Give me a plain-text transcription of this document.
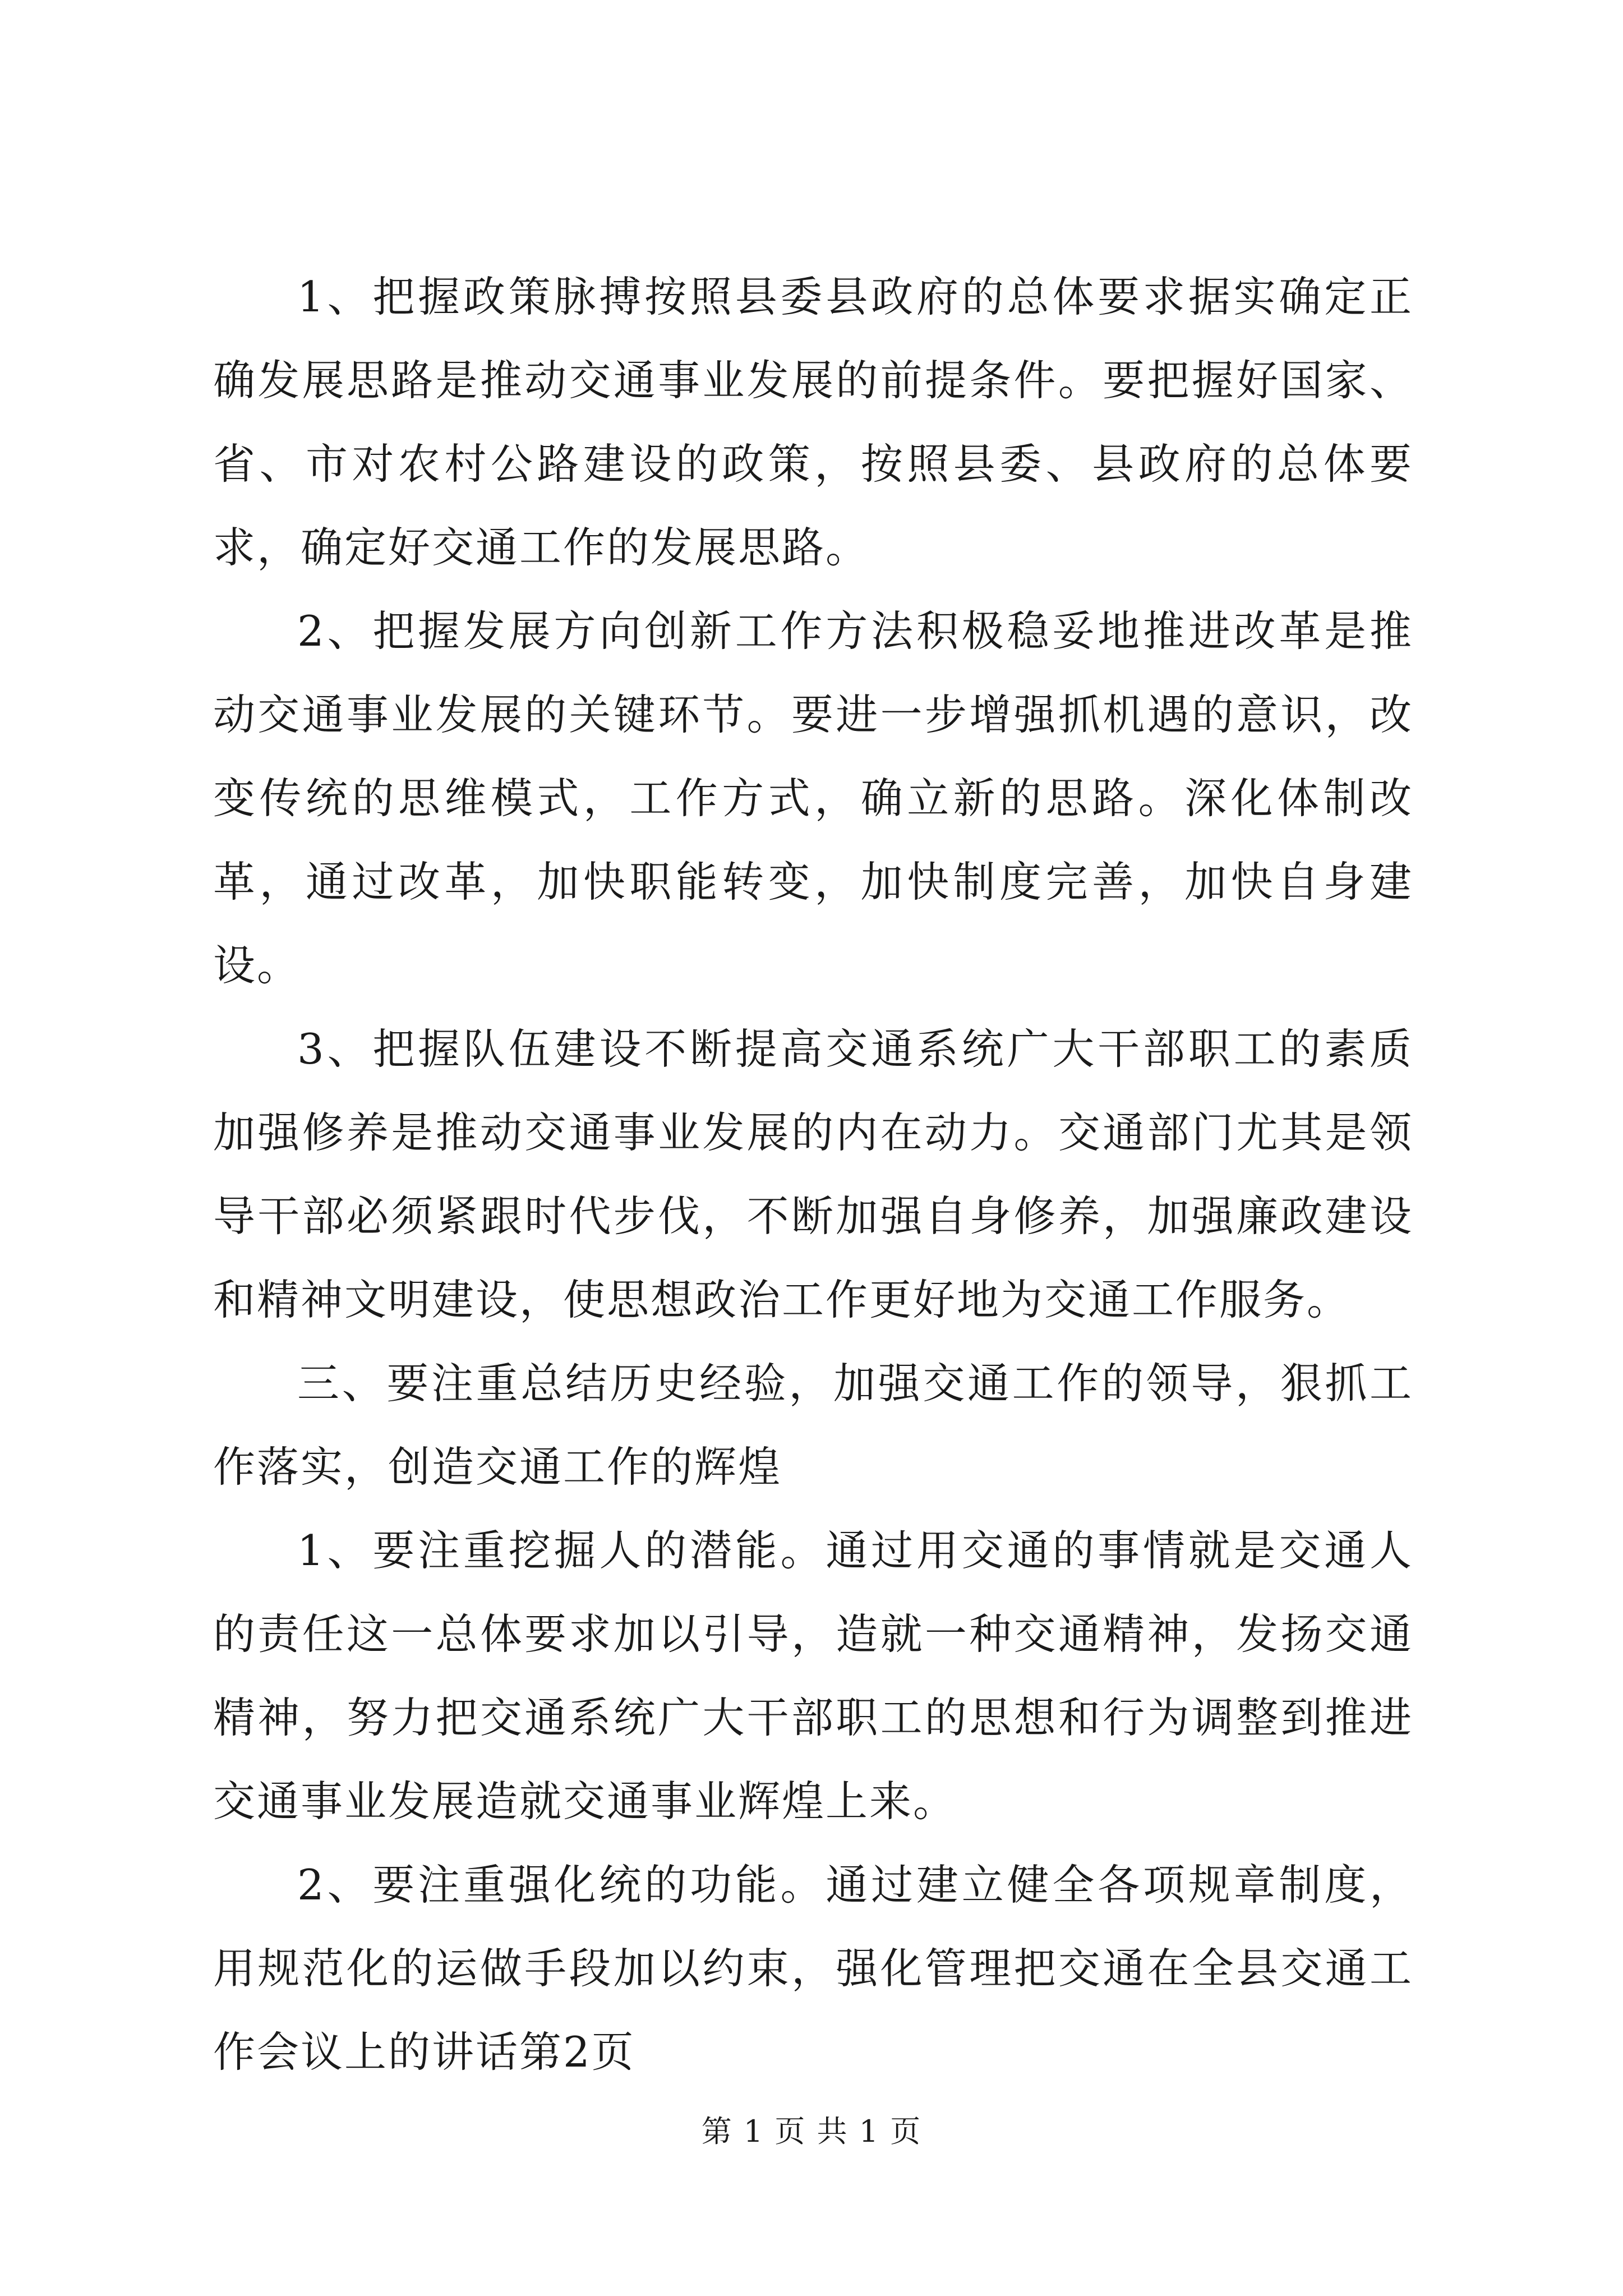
1、把握政策脉搏按照县委县政府的总体要求据实确定正确发展思路是推动交通事业发展的前提条件。要把握好国家、省、市对农村公路建设的政策，按照县委、县政府的总体要求，确定好交通工作的发展思路。

2、把握发展方向创新工作方法积极稳妥地推进改革是推动交通事业发展的关键环节。要进一步增强抓机遇的意识，改变传统的思维模式，工作方式，确立新的思路。深化体制改革，通过改革，加快职能转变，加快制度完善，加快自身建设。

3、把握队伍建设不断提高交通系统广大干部职工的素质加强修养是推动交通事业发展的内在动力。交通部门尤其是领导干部必须紧跟时代步伐，不断加强自身修养，加强廉政建设和精神文明建设，使思想政治工作更好地为交通工作服务。

三、要注重总结历史经验，加强交通工作的领导，狠抓工作落实，创造交通工作的辉煌

1、要注重挖掘人的潜能。通过用交通的事情就是交通人的责任这一总体要求加以引导，造就一种交通精神，发扬交通精神，努力把交通系统广大干部职工的思想和行为调整到推进交通事业发展造就交通事业辉煌上来。

2、要注重强化统的功能。通过建立健全各项规章制度，用规范化的运做手段加以约束，强化管理把交通在全县交通工作会议上的讲话第2页

第 1 页 共 1 页
